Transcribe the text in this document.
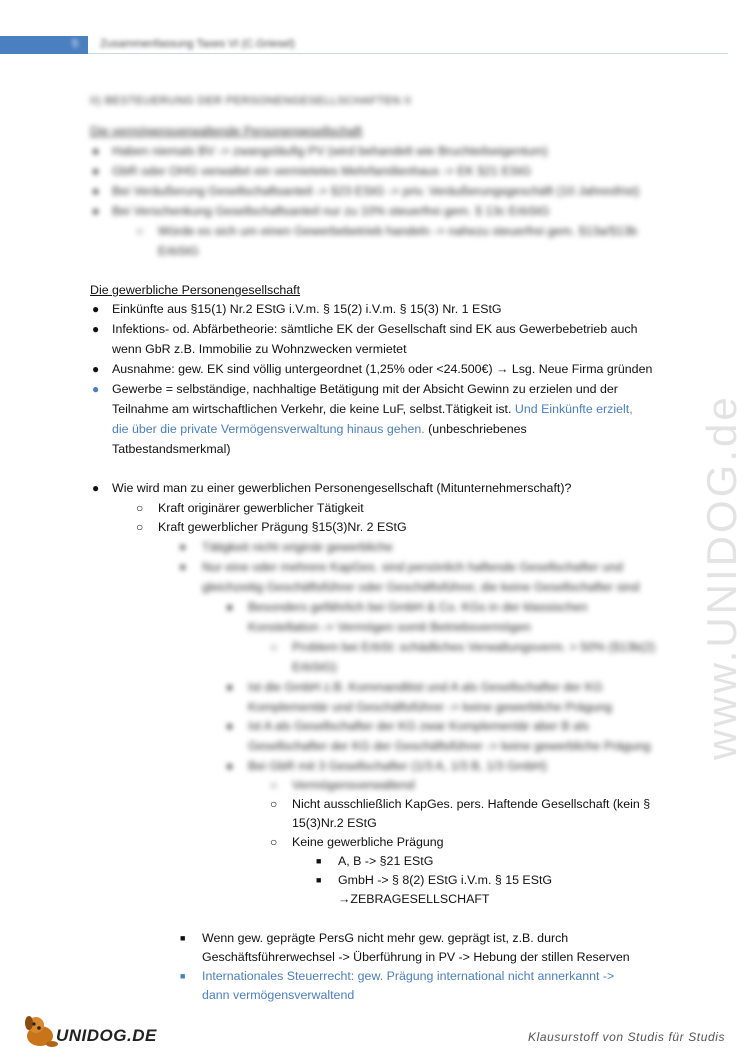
5 Zusammenfassung Taxes VI (C.Griesel)
www.UNIDOG.de
II) BESTEUERUNG DER PERSONENGESELLSCHAFTEN II
Die vermögensverwaltende Personengesellschaft
● Haben niemals BV -> zwangsläufig PV (wird behandelt wie Bruchteilseigentum)
● GbR oder OHG verwaltet ein vermietetes Mehrfamilienhaus -> EK §21 EStG
● Bei Veräußerung Gesellschaftsanteil -> §23 EStG -> priv. Veräußerungsgeschäft (10 Jahresfrist)
● Bei Verschenkung Gesellschaftsanteil nur zu 10% steuerfrei gem. § 13c ErbStG
○ Würde es sich um einen Gewerbebetrieb handeln -> nahezu steuerfrei gem. §13a/§13b
ErbStG
Die gewerbliche Personengesellschaft
● Einkünfte aus §15(1) Nr.2 EStG i.V.m. § 15(2) i.V.m. § 15(3) Nr. 1 EStG
● Infektions- od. Abfärbetheorie: sämtliche EK der Gesellschaft sind EK aus Gewerbebetrieb auch
wenn GbR z.B. Immobilie zu Wohnzwecken vermietet
● Ausnahme: gew. EK sind völlig untergeordnet (1,25% oder <24.500€) → Lsg. Neue Firma gründen
● Gewerbe = selbständige, nachhaltige Betätigung mit der Absicht Gewinn zu erzielen und der
Teilnahme am wirtschaftlichen Verkehr, die keine LuF, selbst.Tätigkeit ist. Und Einkünfte erzielt,
die über die private Vermögensverwaltung hinaus gehen. (unbeschriebenes
Tatbestandsmerkmal)
● Wie wird man zu einer gewerblichen Personengesellschaft (Mitunternehmerschaft)?
○ Kraft originärer gewerblicher Tätigkeit
○ Kraft gewerblicher Prägung §15(3)Nr. 2 EStG
■ Tätigkeit nicht originär gewerbliche
■ Nur eine oder mehrere KapGes. sind persönlich haftende Gesellschafter und
gleichzeitig Geschäftsführer oder Geschäftsführer, die keine Gesellschafter sind
● Besonders gefährlich bei GmbH & Co. KGs in der klassischen
Konstellation -> Vermögen somit Betriebsvermögen
○ Problem bei ErbSt: schädliches Verwaltungsverm. > 50% (§13b(2)
ErbStG)
● Ist die GmbH z.B. Kommanditist und A als Gesellschafter der KG
Komplementär und Geschäftsführer -> keine gewerbliche Prägung
● Ist A als Gesellschafter der KG zwar Komplementär aber B als
Gesellschafter der KG der Geschäftsführer -> keine gewerbliche Prägung
● Bei GbR mit 3 Gesellschafter (1/3 A, 1/3 B, 1/3 GmbH)
○ Vermögensverwaltend
○ Nicht ausschließlich KapGes. pers. Haftende Gesellschaft (kein §
15(3)Nr.2 EStG
○ Keine gewerbliche Prägung
■ A, B -> §21 EStG
■ GmbH -> § 8(2) EStG i.V.m. § 15 EStG
→ZEBRAGESELLSCHAFT
■ Wenn gew. geprägte PersG nicht mehr gew. geprägt ist, z.B. durch
Geschäftsführerwechsel -> Überführung in PV -> Hebung der stillen Reserven
■ Internationales Steuerrecht: gew. Prägung international nicht annerkannt ->
dann vermögensverwaltend
UNIDOG.DE	Klausurstoff von Studis für Studis
